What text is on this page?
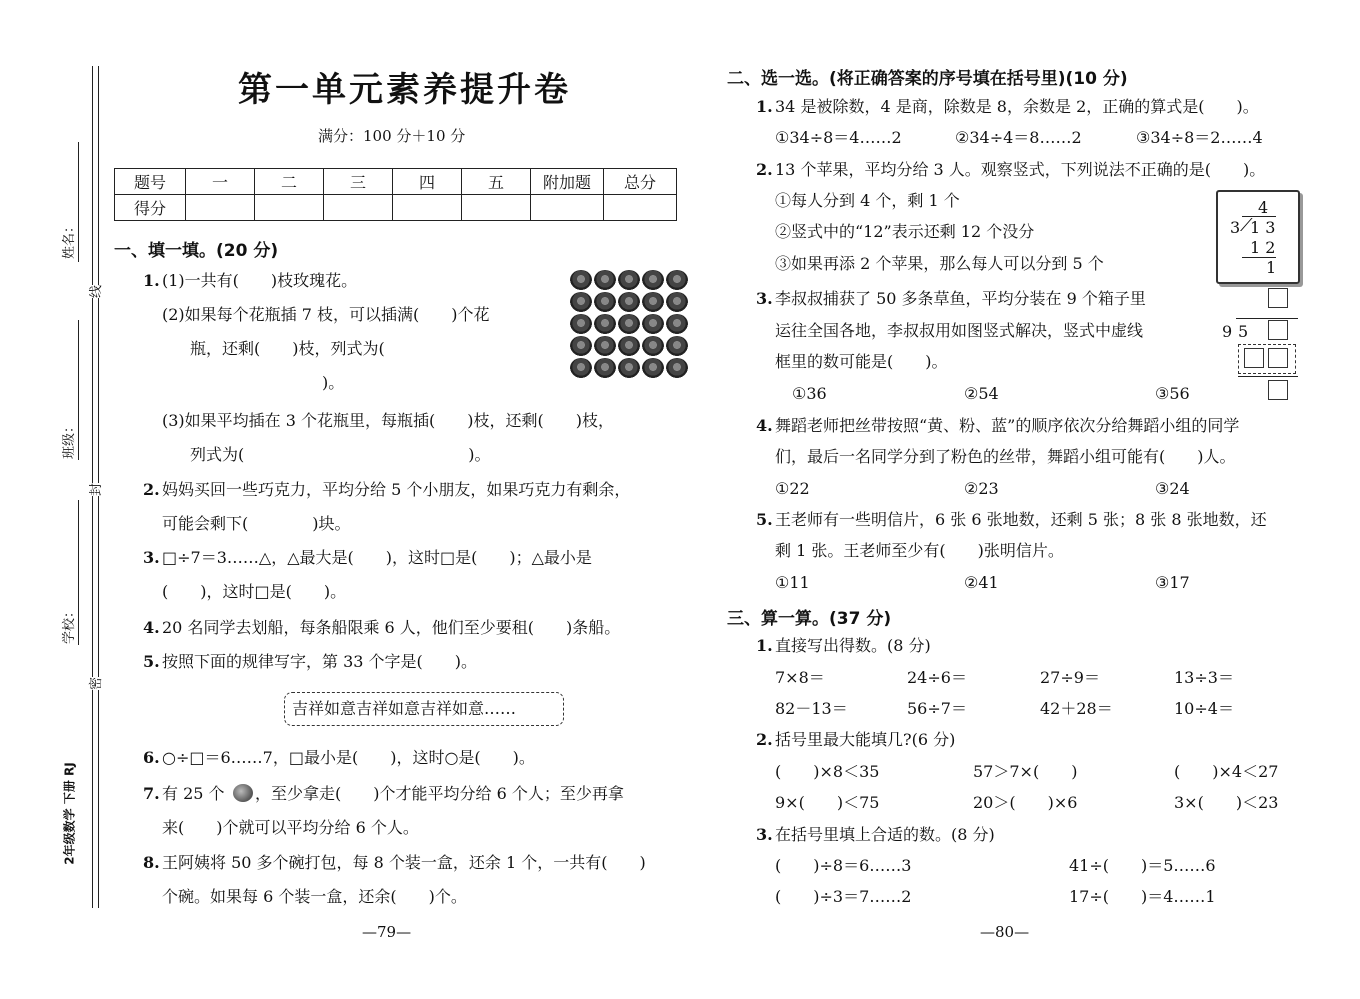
姓名：
班级：
学校：
线
封
密
2年级数学 下册 RJ
第一单元素养提升卷
满分：100 分＋10 分
题号	一	二	三	四	五	附加题	总分
得分							
一、填一填。(20 分)
1. (1)一共有(　　)枝玫瑰花。
(2)如果每个花瓶插 7 枝，可以插满(　　)个花
瓶，还剩(　　)枝，列式为(
)。
(3)如果平均插在 3 个花瓶里，每瓶插(　　)枝，还剩(　　)枝，
列式为(　　　　　　　　　　　　　　)。
2. 妈妈买回一些巧克力，平均分给 5 个小朋友，如果巧克力有剩余，
可能会剩下(　　　　)块。
3. □÷7＝3……△，△最大是(　　)，这时□是(　　)；△最小是
(　　)，这时□是(　　)。
4. 20 名同学去划船，每条船限乘 6 人，他们至少要租(　　)条船。
5. 按照下面的规律写字，第 33 个字是(　　)。
吉祥如意吉祥如意吉祥如意……
6. ○÷□＝6……7，□最小是(　　)，这时○是(　　)。
7. 有 25 个 ，至少拿走(　　)个才能平均分给 6 个人；至少再拿
来(　　)个就可以平均分给 6 个人。
8. 王阿姨将 50 多个碗打包，每 8 个装一盒，还余 1 个，一共有(　　)
个碗。如果每 6 个装一盒，还余(　　)个。
—79—
二、选一选。(将正确答案的序号填在括号里)(10 分)
1. 34 是被除数，4 是商，除数是 8，余数是 2，正确的算式是(　　)。
①34÷8＝4……2	②34÷4＝8……2	③34÷8＝2……4
2. 13 个苹果，平均分给 3 人。观察竖式，下列说法不正确的是(　　)。
①每人分到 4 个，剩 1 个
②竖式中的“12”表示还剩 12 个没分
③如果再添 2 个苹果，那么每人可以分到 5 个
4
3 ⟋
1 3
1 2
1
3. 李叔叔捕获了 50 多条草鱼，平均分装在 9 个箱子里
运往全国各地，李叔叔用如图竖式解决，竖式中虚线
框里的数可能是(　　)。
①36	②54	③56
9 5
4. 舞蹈老师把丝带按照“黄、粉、蓝”的顺序依次分给舞蹈小组的同学
们，最后一名同学分到了粉色的丝带，舞蹈小组可能有(　　)人。
①22	②23	③24
5. 王老师有一些明信片，6 张 6 张地数，还剩 5 张；8 张 8 张地数，还
剩 1 张。王老师至少有(　　)张明信片。
①11	②41	③17
三、算一算。(37 分)
1. 直接写出得数。(8 分)
7×8＝	24÷6＝	27÷9＝	13÷3＝
82－13＝	56÷7＝	42＋28＝	10÷4＝
2. 括号里最大能填几?(6 分)
(　　)×8＜35	57＞7×(　　)	(　　)×4＜27
9×(　　)＜75	20＞(　　)×6	3×(　　)＜23
3. 在括号里填上合适的数。(8 分)
(　　)÷8＝6……3	41÷(　　)＝5……6
(　　)÷3＝7……2	17÷(　　)＝4……1
—80—
